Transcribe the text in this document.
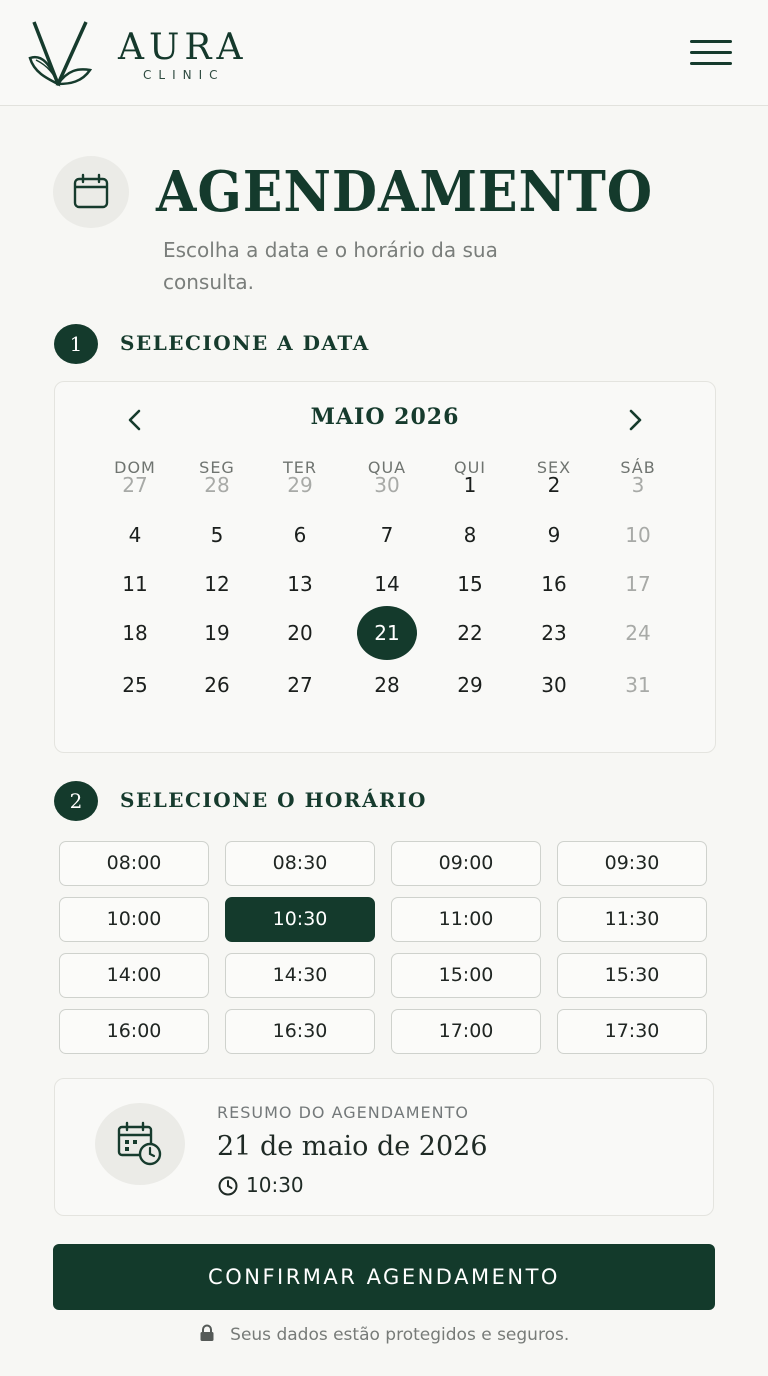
AURA
CLINIC
AGENDAMENTO
Escolha a data e o horário da sua consulta.
1	SELECIONE A DATA
MAIO 2026
DOM	SEG	TER	QUA	QUI	SEX	SÁB
27	28	29	30	1	2	3
4	5	6	7	8	9	10
11	12	13	14	15	16	17
18	19	20	21	22	23	24
25	26	27	28	29	30	31
2	SELECIONE O HORÁRIO
08:00	08:30	09:00	09:30
10:00	10:30	11:00	11:30
14:00	14:30	15:00	15:30
16:00	16:30	17:00	17:30
RESUMO DO AGENDAMENTO
21 de maio de 2026
10:30
CONFIRMAR AGENDAMENTO
Seus dados estão protegidos e seguros.
